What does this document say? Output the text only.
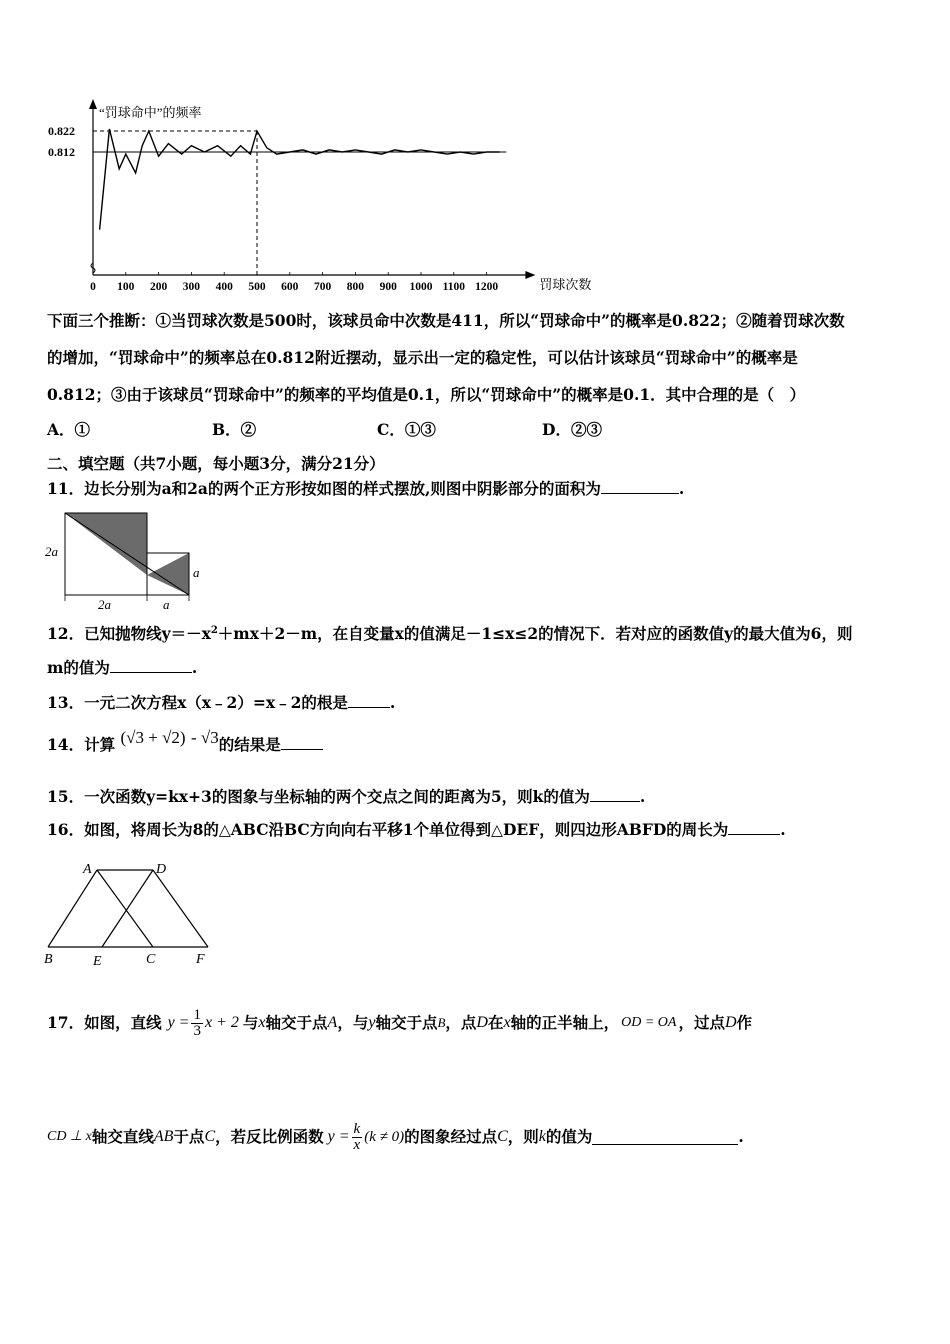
0.822
0.812
0 100 200 300 400 500 600 700 800 900 1000 1100 1200
“罚球命中”的频率
罚球次数
下面三个推断：①当罚球次数是500时，该球员命中次数是411，所以“罚球命中”的概率是0.822；②随着罚球次数
的增加，“罚球命中”的频率总在0.812附近摆动，显示出一定的稳定性，可以估计该球员“罚球命中”的概率是
0.812；③由于该球员“罚球命中”的频率的平均值是0.1，所以“罚球命中”的概率是0.1．其中合理的是（　）
A．①	B．②	C．①③	D．②③
二、填空题（共7小题，每小题3分，满分21分）
11．边长分别为a和2a的两个正方形按如图的样式摆放,则图中阴影部分的面积为	.
2a
2a	a
a
12．已知抛物线$y=-x^2+mx+2-m$，在自变量x的值满足－1≤x≤2的情况下．若对应的函数值y的最大值为6，则
m的值为	.
13．一元二次方程x（x﹣2）=x﹣2的根是	.
14．计算 (√3 + √2) - √3的结果是
15．一次函数y=kx+3的图象与坐标轴的两个交点之间的距离为5，则k的值为	.
16．如图，将周长为8的△ABC沿BC方向向右平移1个单位得到△DEF，则四边形ABFD的周长为	.
A	D
B	E	C	F
17．如图，直线 $y = \frac{1}{3}$ x + 2 与 x 轴交于点 A ，与 y 轴交于点 B ，点 D 在 x 轴的正半轴上， OD = OA ，过点 D 作
CD ⊥ x 轴交直线 AB 于点 C ，若反比例函数 $y = \frac{k}{x} (k \ne 0)$ 的图象经过点 C ，则 k 的值为	.
